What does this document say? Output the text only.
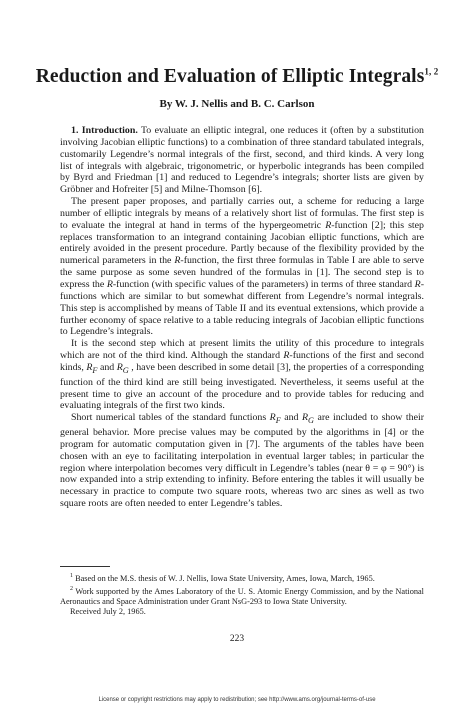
Reduction and Evaluation of Elliptic Integrals$^{1, 2}$
By W. J. Nellis and B. C. Carlson

1. Introduction. To evaluate an elliptic integral, one reduces it (often by a substitution involving Jacobian elliptic functions) to a combination of three standard tabulated integrals, customarily Legendre’s normal integrals of the first, second, and third kinds. A very long list of integrals with algebraic, trigonometric, or hyperbolic integrands has been compiled by Byrd and Friedman [1] and reduced to Legendre’s integrals; shorter lists are given by Gröbner and Hofreiter [5] and Milne-Thomson [6].

The present paper proposes, and partially carries out, a scheme for reducing a large number of elliptic integrals by means of a relatively short list of formulas. The first step is to evaluate the integral at hand in terms of the hypergeometric R-function [2]; this step replaces transformation to an integrand containing Jacobian elliptic functions, which are entirely avoided in the present procedure. Partly because of the flexibility provided by the numerical parameters in the R-function, the first three formulas in Table I are able to serve the same purpose as some seven hundred of the formulas in [1]. The second step is to express the R-function (with specific values of the parameters) in terms of three standard R-functions which are similar to but somewhat different from Legendre’s normal integrals. This step is accomplished by means of Table II and its eventual extensions, which provide a further economy of space relative to a table reducing integrals of Jacobian elliptic functions to Legendre’s integrals.

It is the second step which at present limits the utility of this procedure to integrals which are not of the third kind. Although the standard R-functions of the first and second kinds, $R_F$ and $R_G$ , have been described in some detail [3], the properties of a corresponding function of the third kind are still being investigated. Nevertheless, it seems useful at the present time to give an account of the procedure and to provide tables for reducing and evaluating integrals of the first two kinds.

Short numerical tables of the standard functions $R_F$ and $R_G$ are included to show their general behavior. More precise values may be computed by the algorithms in [4] or the program for automatic computation given in [7]. The arguments of the tables have been chosen with an eye to facilitating interpolation in eventual larger tables; in particular the region where interpolation becomes very difficult in Legendre’s tables (near θ = φ = 90°) is now expanded into a strip extending to infinity. Before entering the tables it will usually be necessary in practice to compute two square roots, whereas two arc sines as well as two square roots are often needed to enter Legendre’s tables.

$^1$ Based on the M.S. thesis of W. J. Nellis, Iowa State University, Ames, Iowa, March, 1965.

$^2$ Work supported by the Ames Laboratory of the U. S. Atomic Energy Commission, and by the National Aeronautics and Space Administration under Grant NsG-293 to Iowa State University.

Received July 2, 1965.

223
License or copyright restrictions may apply to redistribution; see http://www.ams.org/journal-terms-of-use
